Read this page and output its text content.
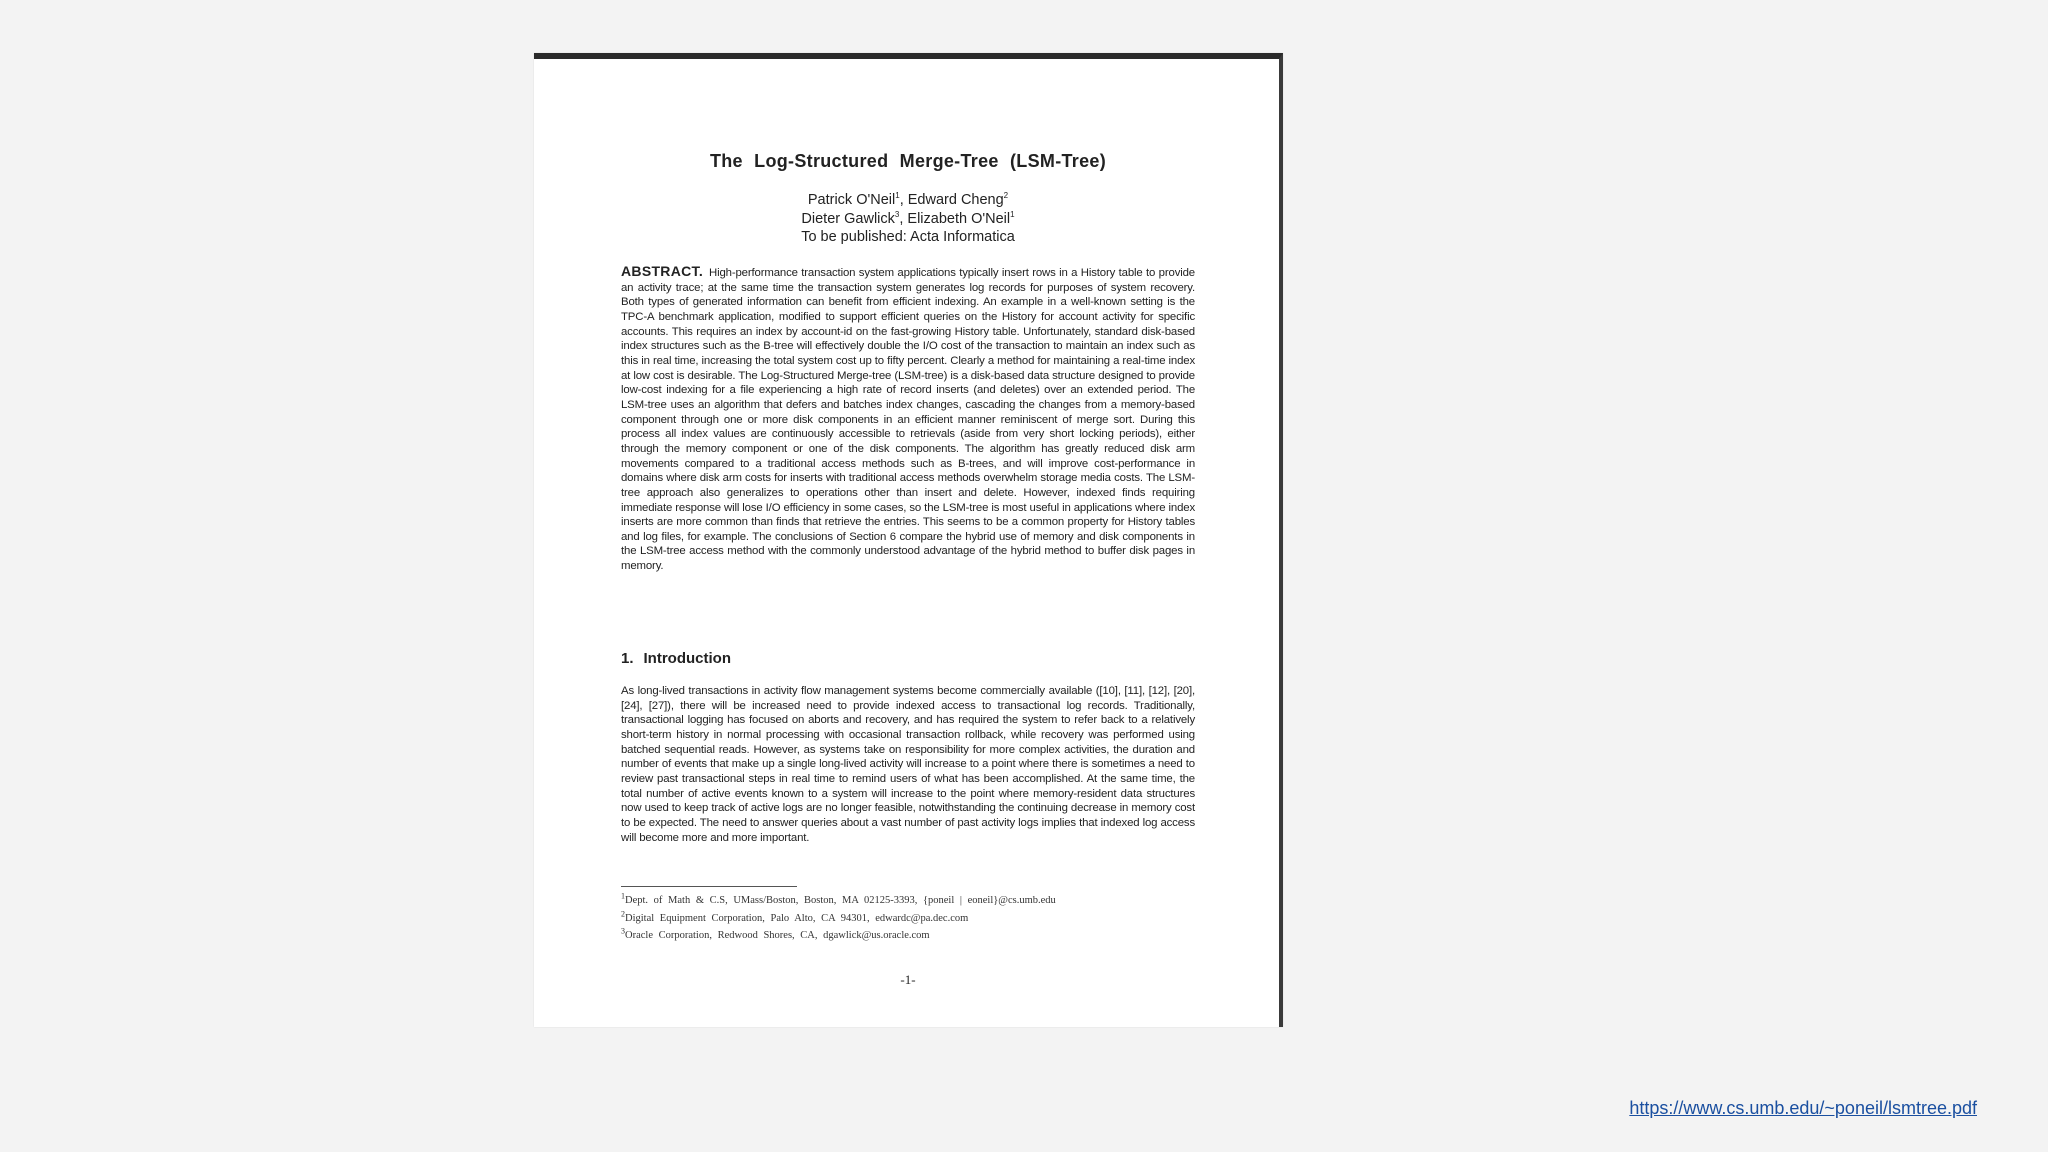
The Log-Structured Merge-Tree (LSM-Tree)
Patrick O'Neil$^1$, Edward Cheng$^2$
Dieter Gawlick$^3$, Elizabeth O'Neil$^1$
To be published: Acta Informatica
ABSTRACT. High-performance transaction system applications typically insert rows in a History table to provide an activity trace; at the same time the transaction system generates log records for purposes of system recovery. Both types of generated information can benefit from efficient indexing. An example in a well-known setting is the TPC-A benchmark application, modified to support efficient queries on the History for account activity for specific accounts. This requires an index by account-id on the fast-growing History table. Unfortunately, standard disk-based index structures such as the B-tree will effectively double the I/O cost of the transaction to maintain an index such as this in real time, increasing the total system cost up to fifty percent. Clearly a method for maintaining a real-time index at low cost is desirable. The Log-Structured Merge-tree (LSM-tree) is a disk-based data structure designed to provide low-cost indexing for a file experiencing a high rate of record inserts (and deletes) over an extended period. The LSM-tree uses an algorithm that defers and batches index changes, cascading the changes from a memory-based component through one or more disk components in an efficient manner reminiscent of merge sort. During this process all index values are continuously accessible to retrievals (aside from very short locking periods), either through the memory component or one of the disk components. The algorithm has greatly reduced disk arm movements compared to a traditional access methods such as B-trees, and will improve cost-performance in domains where disk arm costs for inserts with traditional access methods overwhelm storage media costs. The LSM-tree approach also generalizes to operations other than insert and delete. However, indexed finds requiring immediate response will lose I/O efficiency in some cases, so the LSM-tree is most useful in applications where index inserts are more common than finds that retrieve the entries. This seems to be a common property for History tables and log files, for example. The conclusions of Section 6 compare the hybrid use of memory and disk components in the LSM-tree access method with the commonly understood advantage of the hybrid method to buffer disk pages in memory.
1. Introduction
As long-lived transactions in activity flow management systems become commercially available ([10], [11], [12], [20], [24], [27]), there will be increased need to provide indexed access to transactional log records. Traditionally, transactional logging has focused on aborts and recovery, and has required the system to refer back to a relatively short-term history in normal processing with occasional transaction rollback, while recovery was performed using batched sequential reads. However, as systems take on responsibility for more complex activities, the duration and number of events that make up a single long-lived activity will increase to a point where there is sometimes a need to review past transactional steps in real time to remind users of what has been accomplished. At the same time, the total number of active events known to a system will increase to the point where memory-resident data structures now used to keep track of active logs are no longer feasible, notwithstanding the continuing decrease in memory cost to be expected. The need to answer queries about a vast number of past activity logs implies that indexed log access will become more and more important.
$^1$Dept. of Math & C.S, UMass/Boston, Boston, MA 02125-3393, {poneil | eoneil}@cs.umb.edu
$^2$Digital Equipment Corporation, Palo Alto, CA 94301, edwardc@pa.dec.com
$^3$Oracle Corporation, Redwood Shores, CA, dgawlick@us.oracle.com
-1-
https://www.cs.umb.edu/~poneil/lsmtree.pdf
